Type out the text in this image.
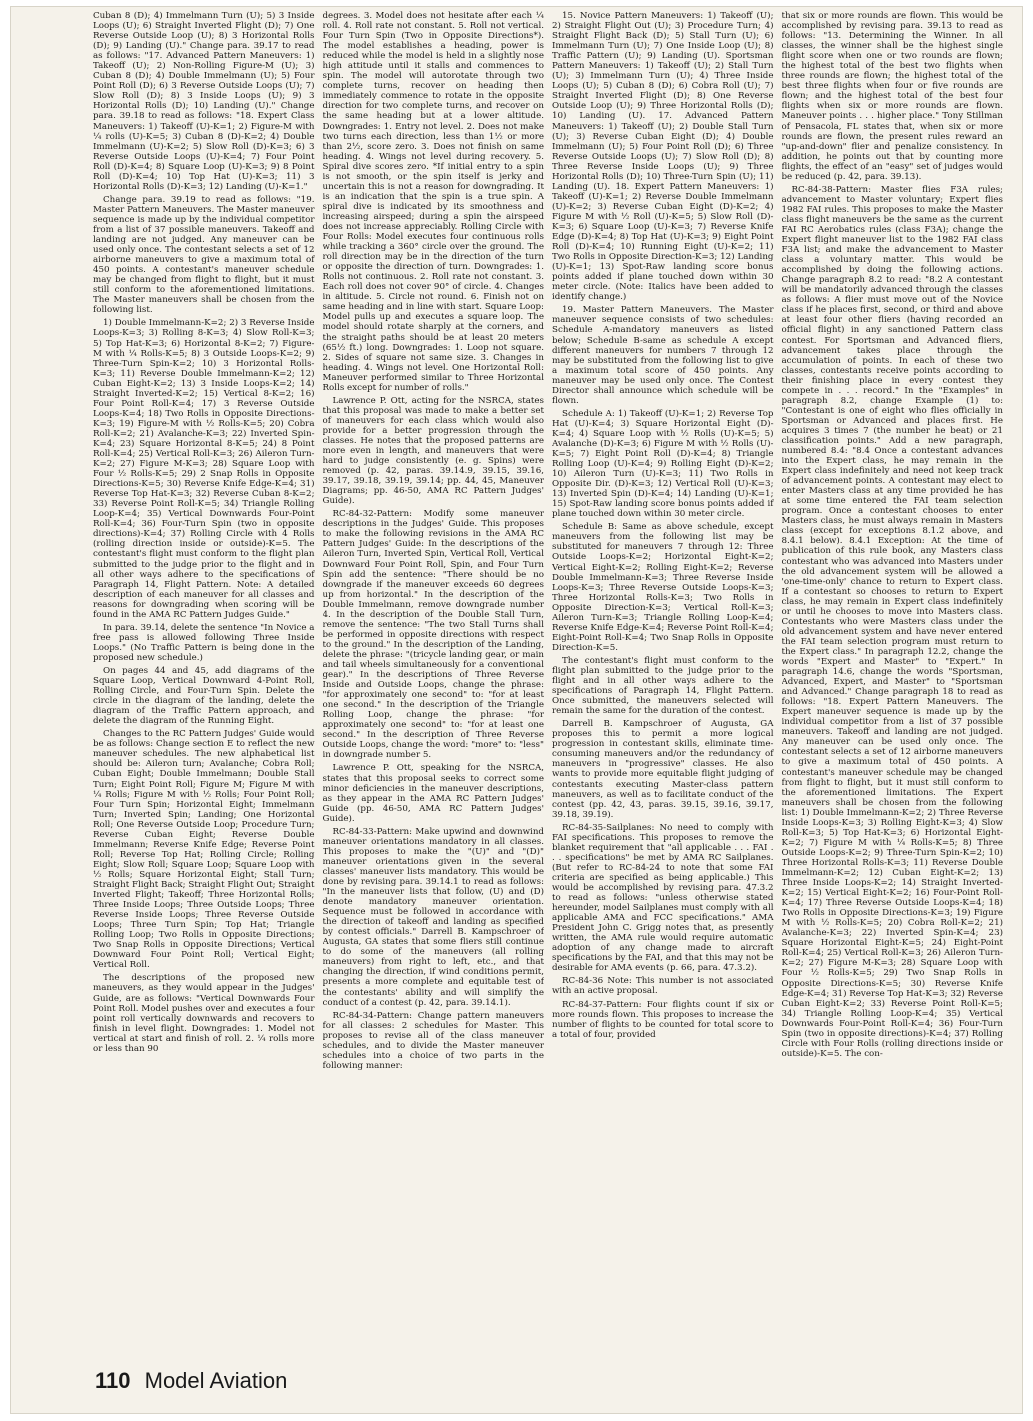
Cuban 8 (D); 4) Immelmann Turn (U); 5) 3 Inside Loops (U); 6) Straight Inverted Flight (D); 7) One Reverse Outside Loop (U); 8) 3 Horizontal Rolls (D); 9) Landing (U)." Change para. 39.17 to read as follows: "17. Advanced Pattern Maneuvers: 1) Takeoff (U); 2) Non-Rolling Figure-M (U); 3) Cuban 8 (D); 4) Double Immelmann (U); 5) Four Point Roll (D); 6) 3 Reverse Outside Loops (U); 7) Slow Roll (D); 8) 3 Inside Loops (U); 9) 3 Horizontal Rolls (D); 10) Landing (U)." Change para. 39.18 to read as follows: "18. Expert Class Maneuvers: 1) Takeoff (U)-K=1; 2) Figure-M with ¼ rolls (U)-K=5; 3) Cuban 8 (D)-K=2; 4) Double Immelmann (U)-K=2; 5) Slow Roll (D)-K=3; 6) 3 Reverse Outside Loops (U)-K=4; 7) Four Point Roll (D)-K=4; 8) Square Loop (U)-K=3; 9) 8 Point Roll (D)-K=4; 10) Top Hat (U)-K=3; 11) 3 Horizontal Rolls (D)-K=3; 12) Landing (U)-K=1."

Change para. 39.19 to read as follows: "19. Master Pattern Maneuvers. The Master maneuver sequence is made up by the individual competitor from a list of 37 possible maneuvers. Takeoff and landing are not judged. Any maneuver can be used only once. The contestant selects a set of 12 airborne maneuvers to give a maximum total of 450 points. A contestant's maneuver schedule may be changed from flight to flight, but it must still conform to the aforementioned limitations. The Master maneuvers shall be chosen from the following list.

1) Double Immelmann-K=2; 2) 3 Reverse Inside Loops-K=3; 3) Rolling 8-K=3; 4) Slow Roll-K=3; 5) Top Hat-K=3; 6) Horizontal 8-K=2; 7) Figure-M with ¼ Rolls-K=5; 8) 3 Outside Loops-K=2; 9) Three-Turn Spin-K=2; 10) 3 Horizontal Rolls-K=3; 11) Reverse Double Immelmann-K=2; 12) Cuban Eight-K=2; 13) 3 Inside Loops-K=2; 14) Straight Inverted-K=2; 15) Vertical 8-K=2; 16) Four Point Roll-K=4; 17) 3 Reverse Outside Loops-K=4; 18) Two Rolls in Opposite Directions-K=3; 19) Figure-M with ½ Rolls-K=5; 20) Cobra Roll-K=2; 21) Avalanche-K=3; 22) Inverted Spin-K=4; 23) Square Horizontal 8-K=5; 24) 8 Point Roll-K=4; 25) Vertical Roll-K=3; 26) Aileron Turn-K=2; 27) Figure M-K=3; 28) Square Loop with Four ½ Rolls-K=5; 29) 2 Snap Rolls in Opposite Directions-K=5; 30) Reverse Knife Edge-K=4; 31) Reverse Top Hat-K=3; 32) Reverse Cuban 8-K=2; 33) Reverse Point Roll-K=5; 34) Triangle Rolling Loop-K=4; 35) Vertical Downwards Four-Point Roll-K=4; 36) Four-Turn Spin (two in opposite directions)-K=4; 37) Rolling Circle with 4 Rolls (rolling direction inside or outside)-K=5. The contestant's flight must conform to the flight plan submitted to the judge prior to the flight and in all other ways adhere to the specifications of Paragraph 14, Flight Pattern. Note: A detailed description of each maneuver for all classes and reasons for downgrading when scoring will be found in the AMA RC Pattern Judges Guide."

In para. 39.14, delete the sentence "In Novice a free pass is allowed following Three Inside Loops." (No Traffic Pattern is being done in the proposed new schedule.)

On pages 44 and 45, add diagrams of the Square Loop, Vertical Downward 4-Point Roll, Rolling Circle, and Four-Turn Spin. Delete the circle in the diagram of the landing, delete the diagram of the Traffic Pattern approach, and delete the diagram of the Running Eight.

Changes to the RC Pattern Judges' Guide would be as follows: Change section E to reflect the new maneuver schedules. The new alphabetical list should be: Aileron turn; Avalanche; Cobra Roll; Cuban Eight; Double Immelmann; Double Stall Turn; Eight Point Roll; Figure M; Figure M with ¼ Rolls; Figure M with ½ Rolls; Four Point Roll; Four Turn Spin; Horizontal Eight; Immelmann Turn; Inverted Spin; Landing; One Horizontal Roll; One Reverse Outside Loop; Procedure Turn; Reverse Cuban Eight; Reverse Double Immelmann; Reverse Knife Edge; Reverse Point Roll; Reverse Top Hat; Rolling Circle; Rolling Eight; Slow Roll; Square Loop; Square Loop with ½ Rolls; Square Horizontal Eight; Stall Turn; Straight Flight Back; Straight Flight Out; Straight Inverted Flight; Takeoff; Three Horizontal Rolls; Three Inside Loops; Three Outside Loops; Three Reverse Inside Loops; Three Reverse Outside Loops; Three Turn Spin; Top Hat; Triangle Rolling Loop; Two Rolls in Opposite Directions; Two Snap Rolls in Opposite Directions; Vertical Downward Four Point Roll; Vertical Eight; Vertical Roll.

The descriptions of the proposed new maneuvers, as they would appear in the Judges' Guide, are as follows: "Vertical Downwards Four Point Roll. Model pushes over and executes a four point roll vertically downwards and recovers to finish in level flight. Downgrades: 1. Model not vertical at start and finish of roll. 2. ¼ rolls more or less than 90

degrees. 3. Model does not hesitate after each ¼ roll. 4. Roll rate not constant. 5. Roll not vertical. Four Turn Spin (Two in Opposite Directions*). The model establishes a heading, power is reduced while the model is held in a slightly nose high attitude until it stalls and commences to spin. The model will autorotate through two complete turns, recover on heading then immediately commence to rotate in the opposite direction for two complete turns, and recover on the same heading but at a lower altitude. Downgrades: 1. Entry not level. 2. Does not make two turns each direction, less than 1½ or more than 2½, score zero. 3. Does not finish on same heading. 4. Wings not level during recovery. 5. Spiral dive scores zero. *If initial entry to a spin is not smooth, or the spin itself is jerky and uncertain this is not a reason for downgrading. It is an indication that the spin is a true spin. A spiral dive is indicated by its smoothness and increasing airspeed; during a spin the airspeed does not increase appreciably. Rolling Circle with Four Rolls: Model executes four continuous rolls while tracking a 360° circle over the ground. The roll direction may be in the direction of the turn or opposite the direction of turn. Downgrades: 1. Rolls not continuous. 2. Roll rate not constant. 3. Each roll does not cover 90° of circle. 4. Changes in altitude. 5. Circle not round. 6. Finish not on same heading and in line with start. Square Loop: Model pulls up and executes a square loop. The model should rotate sharply at the corners, and the straight paths should be at least 20 meters (65½ ft.) long. Downgrades: 1. Loop not square. 2. Sides of square not same size. 3. Changes in heading. 4. Wings not level. One Horizontal Roll: Maneuver performed similar to Three Horizontal Rolls except for number of rolls."

Lawrence P. Ott, acting for the NSRCA, states that this proposal was made to make a better set of maneuvers for each class which would also provide for a better progression through the classes. He notes that the proposed patterns are more even in length, and maneuvers that were hard to judge consistently (e. g. Spins) were removed (p. 42, paras. 39.14.9, 39.15, 39.16, 39.17, 39.18, 39.19, 39.14; pp. 44, 45, Maneuver Diagrams; pp. 46-50, AMA RC Pattern Judges' Guide).

RC-84-32-Pattern: Modify some maneuver descriptions in the Judges' Guide. This proposes to make the following revisions in the AMA RC Pattern Judges' Guide: In the descriptions of the Aileron Turn, Inverted Spin, Vertical Roll, Vertical Downward Four Point Roll, Spin, and Four Turn Spin add the sentence: "There should be no downgrade if the maneuver exceeds 60 degrees up from horizontal." In the description of the Double Immelmann, remove downgrade number 4. In the description of the Double Stall Turn, remove the sentence: "The two Stall Turns shall be performed in opposite directions with respect to the ground." In the description of the Landing, delete the phrase: "(tricycle landing gear, or main and tail wheels simultaneously for a conventional gear)." In the descriptions of Three Reverse Inside and Outside Loops, change the phrase: "for approximately one second" to: "for at least one second." In the description of the Triangle Rolling Loop, change the phrase: "for approximately one second" to: "for at least one second." In the description of Three Reverse Outside Loops, change the word: "more" to: "less" in downgrade number 5.

Lawrence P. Ott, speaking for the NSRCA, states that this proposal seeks to correct some minor deficiencies in the maneuver descriptions, as they appear in the AMA RC Pattern Judges' Guide (pp. 46-50, AMA RC Pattern Judges' Guide).

RC-84-33-Pattern: Make upwind and downwind maneuver orientations mandatory in all classes. This proposes to make the "(U)" and "(D)" maneuver orientations given in the several classes' maneuver lists mandatory. This would be done by revising para. 39.14.1 to read as follows: "In the maneuver lists that follow, (U) and (D) denote mandatory maneuver orientation. Sequence must be followed in accordance with the direction of takeoff and landing as specified by contest officials." Darrell B. Kampschroer of Augusta, GA states that some fliers still continue to do some of the maneuvers (all rolling maneuvers) from right to left, etc., and that changing the direction, if wind conditions permit, presents a more complete and equitable test of the contestants' ability and will simplify the conduct of a contest (p. 42, para. 39.14.1).

RC-84-34-Pattern: Change pattern maneuvers for all classes: 2 schedules for Master. This proposes to revise all of the class maneuver schedules, and to divide the Master maneuver schedules into a choice of two parts in the following manner:

15. Novice Pattern Maneuvers: 1) Takeoff (U); 2) Straight Flight Out (U); 3) Procedure Turn; 4) Straight Flight Back (D); 5) Stall Turn (U); 6) Immelmann Turn (U); 7) One Inside Loop (U); 8) Traffic Pattern (U); 9) Landing (U). Sportsman Pattern Maneuvers: 1) Takeoff (U); 2) Stall Turn (U); 3) Immelmann Turn (U); 4) Three Inside Loops (U); 5) Cuban 8 (D); 6) Cobra Roll (U); 7) Straight Inverted Flight (D); 8) One Reverse Outside Loop (U); 9) Three Horizontal Rolls (D); 10) Landing (U). 17. Advanced Pattern Maneuvers: 1) Takeoff (U); 2) Double Stall Turn (U); 3) Reverse Cuban Eight (D); 4) Double Immelmann (U); 5) Four Point Roll (D); 6) Three Reverse Outside Loops (U); 7) Slow Roll (D); 8) Three Reverse Inside Loops (U); 9) Three Horizontal Rolls (D); 10) Three-Turn Spin (U); 11) Landing (U). 18. Expert Pattern Maneuvers: 1) Takeoff (U)-K=1; 2) Reverse Double Immelmann (U)-K=2; 3) Reverse Cuban Eight (D)-K=2; 4) Figure M with ½ Roll (U)-K=5; 5) Slow Roll (D)-K=3; 6) Square Loop (U)-K=3; 7) Reverse Knife Edge (D)-K=4; 8) Top Hat (U)-K=3; 9) Eight Point Roll (D)-K=4; 10) Running Eight (U)-K=2; 11) Two Rolls in Opposite Direction-K=3; 12) Landing (U)-K=1; 13) Spot-Raw landing score bonus points added if plane touched down within 30 meter circle. (Note: Italics have been added to identify change.)

19. Master Pattern Maneuvers. The Master maneuver sequence consists of two schedules: Schedule A-mandatory maneuvers as listed below; Schedule B-same as schedule A except different maneuvers for numbers 7 through 12 may be substituted from the following list to give a maximum total score of 450 points. Any maneuver may be used only once. The Contest Director shall announce which schedule will be flown.

Schedule A: 1) Takeoff (U)-K=1; 2) Reverse Top Hat (U)-K=4; 3) Square Horizontal Eight (D)-K=4; 4) Square Loop with ½ Rolls (U)-K=5; 5) Avalanche (D)-K=3; 6) Figure M with ½ Rolls (U)-K=5; 7) Eight Point Roll (D)-K=4; 8) Triangle Rolling Loop (U)-K=4; 9) Rolling Eight (D)-K=2; 10) Aileron Turn (U)-K=3; 11) Two Rolls in Opposite Dir. (D)-K=3; 12) Vertical Roll (U)-K=3; 13) Inverted Spin (D)-K=4; 14) Landing (U)-K=1; 15) Spot-Raw landing score bonus points added if plane touched down within 30 meter circle.

Schedule B: Same as above schedule, except maneuvers from the following list may be substituted for maneuvers 7 through 12: Three Outside Loops-K=2; Horizontal Eight-K=2; Vertical Eight-K=2; Rolling Eight-K=2; Reverse Double Immelmann-K=3; Three Reverse Inside Loops-K=3; Three Reverse Outside Loops-K=3; Three Horizontal Rolls-K=3; Two Rolls in Opposite Direction-K=3; Vertical Roll-K=3; Aileron Turn-K=3; Triangle Rolling Loop-K=4; Reverse Knife Edge-K=4; Reverse Point Roll-K=4; Eight-Point Roll-K=4; Two Snap Rolls in Opposite Direction-K=5.

The contestant's flight must conform to the flight plan submitted to the judge prior to the flight and in all other ways adhere to the specifications of Paragraph 14, Flight Pattern. Once submitted, the maneuvers selected will remain the same for the duration of the contest.

Darrell B. Kampschroer of Augusta, GA proposes this to permit a more logical progression in contestant skills, eliminate time-consuming maneuvers and/or the redundancy of maneuvers in "progressive" classes. He also wants to provide more equitable flight judging of contestants executing Master-class pattern maneuvers, as well as to facilitate conduct of the contest (pp. 42, 43, paras. 39.15, 39.16, 39.17, 39.18, 39.19).

RC-84-35-Sailplanes: No need to comply with FAI specifications. This proposes to remove the blanket requirement that "all applicable . . . FAI . . . specifications" be met by AMA RC Sailplanes. (But refer to RC-84-24 to note that some FAI criteria are specified as being applicable.) This would be accomplished by revising para. 47.3.2 to read as follows: "unless otherwise stated hereunder, model Sailplanes must comply with all applicable AMA and FCC specifications." AMA President John C. Grigg notes that, as presently written, the AMA rule would require automatic adoption of any change made to aircraft specifications by the FAI, and that this may not be desirable for AMA events (p. 66, para. 47.3.2).

RC-84-36 Note: This number is not associated with an active proposal.

RC-84-37-Pattern: Four flights count if six or more rounds flown. This proposes to increase the number of flights to be counted for total score to a total of four, provided

that six or more rounds are flown. This would be accomplished by revising para. 39.13 to read as follows: "13. Determining the Winner. In all classes, the winner shall be the highest single flight score when one or two rounds are flown; the highest total of the best two flights when three rounds are flown; the highest total of the best three flights when four or five rounds are flown; and the highest total of the best four flights when six or more rounds are flown. Maneuver points . . . higher place." Tony Stillman of Pensacola, FL states that, when six or more rounds are flown, the present rules reward an "up-and-down" flier and penalize consistency. In addition, he points out that by counting more flights, the effect of an "easy" set of judges would be reduced (p. 42, para. 39.13).

RC-84-38-Pattern: Master flies F3A rules; advancement to Master voluntary; Expert flies 1982 FAI rules. This proposes to make the Master class flight maneuvers be the same as the current FAI RC Aerobatics rules (class F3A); change the Expert flight maneuver list to the 1982 FAI class F3A list; and make the advancement to Master class a voluntary matter. This would be accomplished by doing the following actions. Change paragraph 8.2 to read: "8.2 A contestant will be mandatorily advanced through the classes as follows: A flier must move out of the Novice class if he places first, second, or third and above at least four other fliers (having recorded an official flight) in any sanctioned Pattern class contest. For Sportsman and Advanced fliers, advancement takes place through the accumulation of points. In each of these two classes, contestants receive points according to their finishing place in every contest they compete in . . . record." In the "Examples" in paragraph 8.2, change Example (1) to: "Contestant is one of eight who flies officially in Sportsman or Advanced and places first. He acquires 3 times 7 (the number he beat) or 21 classification points." Add a new paragraph, numbered 8.4: "8.4 Once a contestant advances into the Expert class, he may remain in the Expert class indefinitely and need not keep track of advancement points. A contestant may elect to enter Masters class at any time provided he has at some time entered the FAI team selection program. Once a contestant chooses to enter Masters class, he must always remain in Masters class (except for exceptions 8.1.2 above, and 8.4.1 below). 8.4.1 Exception: At the time of publication of this rule book, any Masters class contestant who was advanced into Masters under the old advancement system will be allowed a 'one-time-only' chance to return to Expert class. If a contestant so chooses to return to Expert class, he may remain in Expert class indefinitely or until he chooses to move into Masters class. Contestants who were Masters class under the old advancement system and have never entered the FAI team selection program must return to the Expert class." In paragraph 12.2, change the words "Expert and Master" to "Expert." In paragraph 14.6, change the words "Sportsman, Advanced, Expert, and Master" to "Sportsman and Advanced." Change paragraph 18 to read as follows: "18. Expert Pattern Maneuvers. The Expert maneuver sequence is made up by the individual competitor from a list of 37 possible maneuvers. Takeoff and landing are not judged. Any maneuver can be used only once. The contestant selects a set of 12 airborne maneuvers to give a maximum total of 450 points. A contestant's maneuver schedule may be changed from flight to flight, but it must still conform to the aforementioned limitations. The Expert maneuvers shall be chosen from the following list: 1) Double Immelmann-K=2; 2) Three Reverse Inside Loops-K=3; 3) Rolling Eight-K=3; 4) Slow Roll-K=3; 5) Top Hat-K=3; 6) Horizontal Eight-K=2; 7) Figure M with ¼ Rolls-K=5; 8) Three Outside Loops-K=2; 9) Three-Turn Spin-K=2; 10) Three Horizontal Rolls-K=3; 11) Reverse Double Immelmann-K=2; 12) Cuban Eight-K=2; 13) Three Inside Loops-K=2; 14) Straight Inverted-K=2; 15) Vertical Eight-K=2; 16) Four-Point Roll-K=4; 17) Three Reverse Outside Loops-K=4; 18) Two Rolls in Opposite Directions-K=3; 19) Figure M with ½ Rolls-K=5; 20) Cobra Roll-K=2; 21) Avalanche-K=3; 22) Inverted Spin-K=4; 23) Square Horizontal Eight-K=5; 24) Eight-Point Roll-K=4; 25) Vertical Roll-K=3; 26) Aileron Turn-K=2; 27) Figure M-K=3; 28) Square Loop with Four ½ Rolls-K=5; 29) Two Snap Rolls in Opposite Directions-K=5; 30) Reverse Knife Edge-K=4; 31) Reverse Top Hat-K=3; 32) Reverse Cuban Eight-K=2; 33) Reverse Point Roll-K=5; 34) Triangle Rolling Loop-K=4; 35) Vertical Downwards Four-Point Roll-K=4; 36) Four-Turn Spin (two in opposite directions)-K=4; 37) Rolling Circle with Four Rolls (rolling directions inside or outside)-K=5. The con-

110 Model Aviation
